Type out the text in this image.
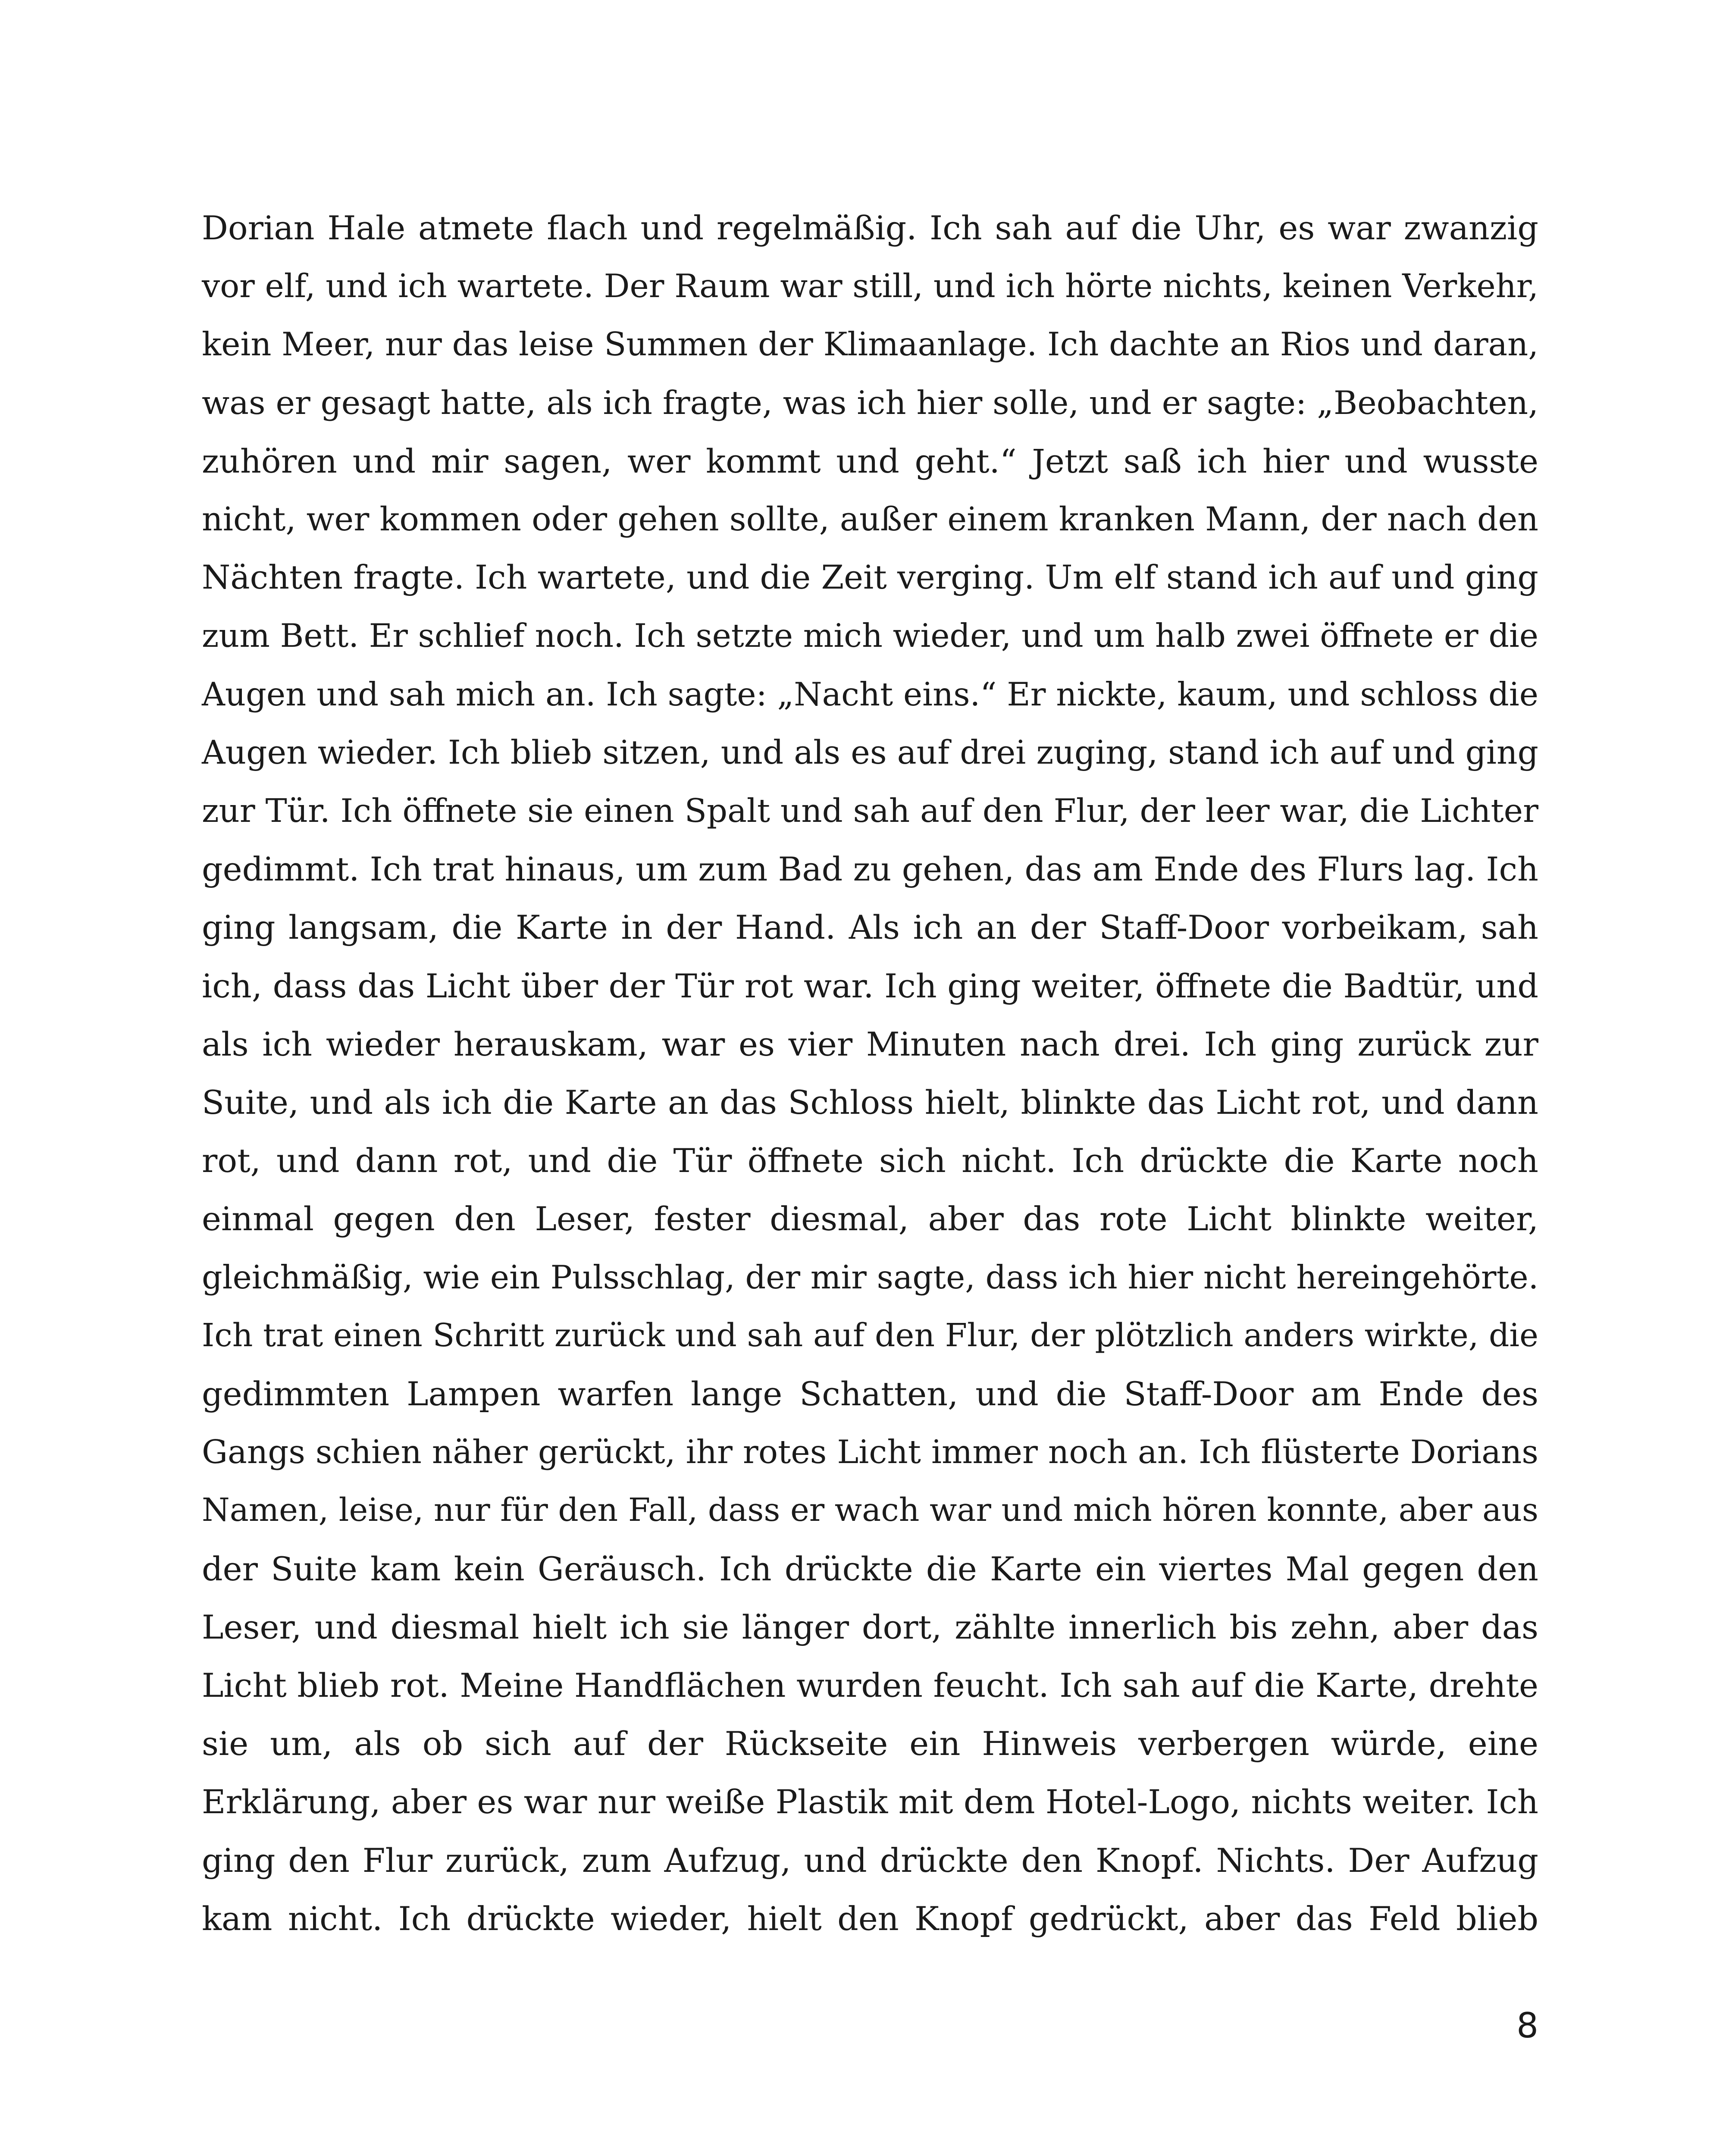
Dorian Hale atmete flach und regelmäßig. Ich sah auf die Uhr, es war zwanzig
vor elf, und ich wartete. Der Raum war still, und ich hörte nichts, keinen Verkehr,
kein Meer, nur das leise Summen der Klimaanlage. Ich dachte an Rios und daran,
was er gesagt hatte, als ich fragte, was ich hier solle, und er sagte: „Beobachten,
zuhören und mir sagen, wer kommt und geht.“ Jetzt saß ich hier und wusste
nicht, wer kommen oder gehen sollte, außer einem kranken Mann, der nach den
Nächten fragte. Ich wartete, und die Zeit verging. Um elf stand ich auf und ging
zum Bett. Er schlief noch. Ich setzte mich wieder, und um halb zwei öffnete er die
Augen und sah mich an. Ich sagte: „Nacht eins.“ Er nickte, kaum, und schloss die
Augen wieder. Ich blieb sitzen, und als es auf drei zuging, stand ich auf und ging
zur Tür. Ich öffnete sie einen Spalt und sah auf den Flur, der leer war, die Lichter
gedimmt. Ich trat hinaus, um zum Bad zu gehen, das am Ende des Flurs lag. Ich
ging langsam, die Karte in der Hand. Als ich an der Staff-Door vorbeikam, sah
ich, dass das Licht über der Tür rot war. Ich ging weiter, öffnete die Badtür, und
als ich wieder herauskam, war es vier Minuten nach drei. Ich ging zurück zur
Suite, und als ich die Karte an das Schloss hielt, blinkte das Licht rot, und dann
rot, und dann rot, und die Tür öffnete sich nicht. Ich drückte die Karte noch
einmal gegen den Leser, fester diesmal, aber das rote Licht blinkte weiter,
gleichmäßig, wie ein Pulsschlag, der mir sagte, dass ich hier nicht hereingehörte.
Ich trat einen Schritt zurück und sah auf den Flur, der plötzlich anders wirkte, die
gedimmten Lampen warfen lange Schatten, und die Staff-Door am Ende des
Gangs schien näher gerückt, ihr rotes Licht immer noch an. Ich flüsterte Dorians
Namen, leise, nur für den Fall, dass er wach war und mich hören konnte, aber aus
der Suite kam kein Geräusch. Ich drückte die Karte ein viertes Mal gegen den
Leser, und diesmal hielt ich sie länger dort, zählte innerlich bis zehn, aber das
Licht blieb rot. Meine Handflächen wurden feucht. Ich sah auf die Karte, drehte
sie um, als ob sich auf der Rückseite ein Hinweis verbergen würde, eine
Erklärung, aber es war nur weiße Plastik mit dem Hotel-Logo, nichts weiter. Ich
ging den Flur zurück, zum Aufzug, und drückte den Knopf. Nichts. Der Aufzug
kam nicht. Ich drückte wieder, hielt den Knopf gedrückt, aber das Feld blieb

8
